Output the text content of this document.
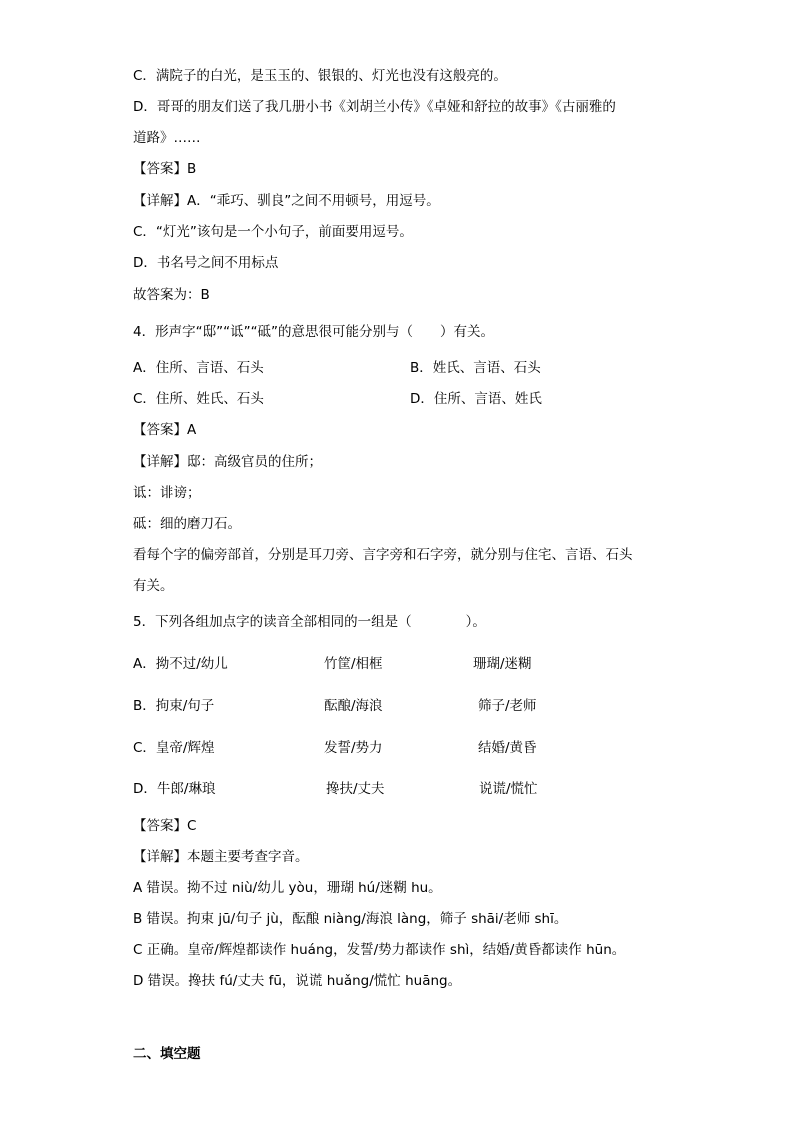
C．满院子的白光，是玉玉的、银银的、灯光也没有这般亮的。
D．哥哥的朋友们送了我几册小书《刘胡兰小传》《卓娅和舒拉的故事》《古丽雅的
道路》……
【答案】B
【详解】A．“乖巧、驯良”之间不用顿号，用逗号。
C．“灯光”该句是一个小句子，前面要用逗号。
D．书名号之间不用标点
故答案为：B
4．形声字“邸”“诋”“砥”的意思很可能分别与（　　）有关。
A．住所、言语、石头	B．姓氏、言语、石头
C．住所、姓氏、石头	D．住所、言语、姓氏
【答案】A
【详解】邸：高级官员的住所；
诋：诽谤；
砥：细的磨刀石。
看每个字的偏旁部首，分别是耳刀旁、言字旁和石字旁，就分别与住宅、言语、石头
有关。
5．下列各组加点字的读音全部相同的一组是（　　　　）。
A．拗不过/幼儿	竹筐/相框	珊瑚/迷糊
B．拘束/句子	酝酿/海浪	筛子/老师
C．皇帝/辉煌	发誓/势力	结婚/黄昏
D．牛郎/琳琅	搀扶/丈夫	说谎/慌忙
【答案】C
【详解】本题主要考查字音。
A 错误。拗不过 niù/幼儿 yòu，珊瑚 hú/迷糊 hu。
B 错误。拘束 jū/句子 jù，酝酿 niàng/海浪 làng，筛子 shāi/老师 shī。
C 正确。皇帝/辉煌都读作 huáng，发誓/势力都读作 shì，结婚/黄昏都读作 hūn。
D 错误。搀扶 fú/丈夫 fū，说谎 huǎng/慌忙 huāng。
二、填空题
